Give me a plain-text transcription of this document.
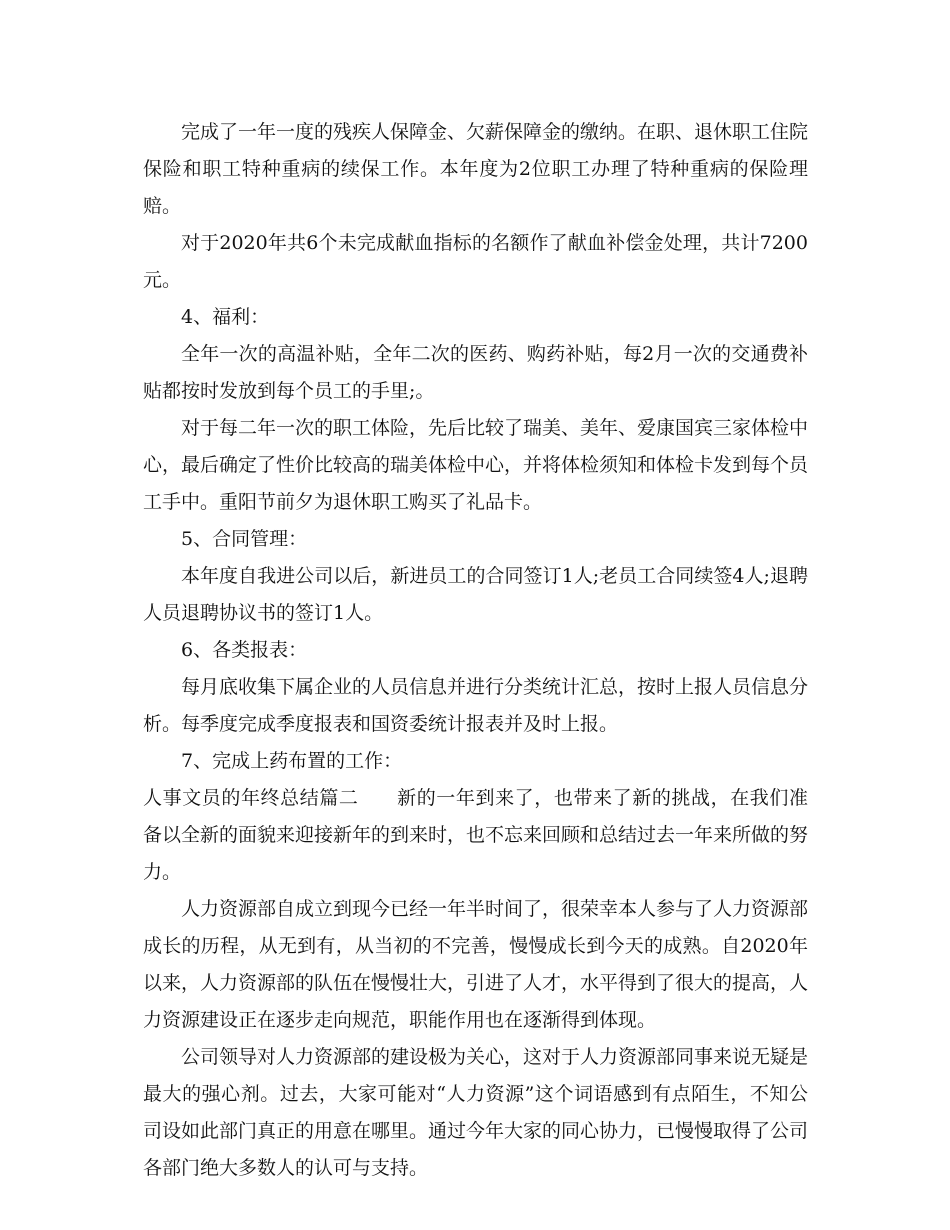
完成了一年一度的残疾人保障金、欠薪保障金的缴纳。在职、退休职工住院保险和职工特种重病的续保工作。本年度为2位职工办理了特种重病的保险理赔。

对于2020年共6个未完成献血指标的名额作了献血补偿金处理，共计7200元。

4、福利：

全年一次的高温补贴，全年二次的医药、购药补贴，每2月一次的交通费补贴都按时发放到每个员工的手里;。

对于每二年一次的职工体险，先后比较了瑞美、美年、爱康国宾三家体检中心，最后确定了性价比较高的瑞美体检中心，并将体检须知和体检卡发到每个员工手中。重阳节前夕为退休职工购买了礼品卡。

5、合同管理：

本年度自我进公司以后，新进员工的合同签订1人;老员工合同续签4人;退聘人员退聘协议书的签订1人。

6、各类报表：

每月底收集下属企业的人员信息并进行分类统计汇总，按时上报人员信息分析。每季度完成季度报表和国资委统计报表并及时上报。

7、完成上药布置的工作：

人事文员的年终总结篇二 新的一年到来了，也带来了新的挑战，在我们准备以全新的面貌来迎接新年的到来时，也不忘来回顾和总结过去一年来所做的努力。

人力资源部自成立到现今已经一年半时间了，很荣幸本人参与了人力资源部成长的历程，从无到有，从当初的不完善，慢慢成长到今天的成熟。自2020年以来，人力资源部的队伍在慢慢壮大，引进了人才，水平得到了很大的提高，人力资源建设正在逐步走向规范，职能作用也在逐渐得到体现。

公司领导对人力资源部的建设极为关心，这对于人力资源部同事来说无疑是最大的强心剂。过去，大家可能对“人力资源”这个词语感到有点陌生，不知公司设如此部门真正的用意在哪里。通过今年大家的同心协力，已慢慢取得了公司各部门绝大多数人的认可与支持。
